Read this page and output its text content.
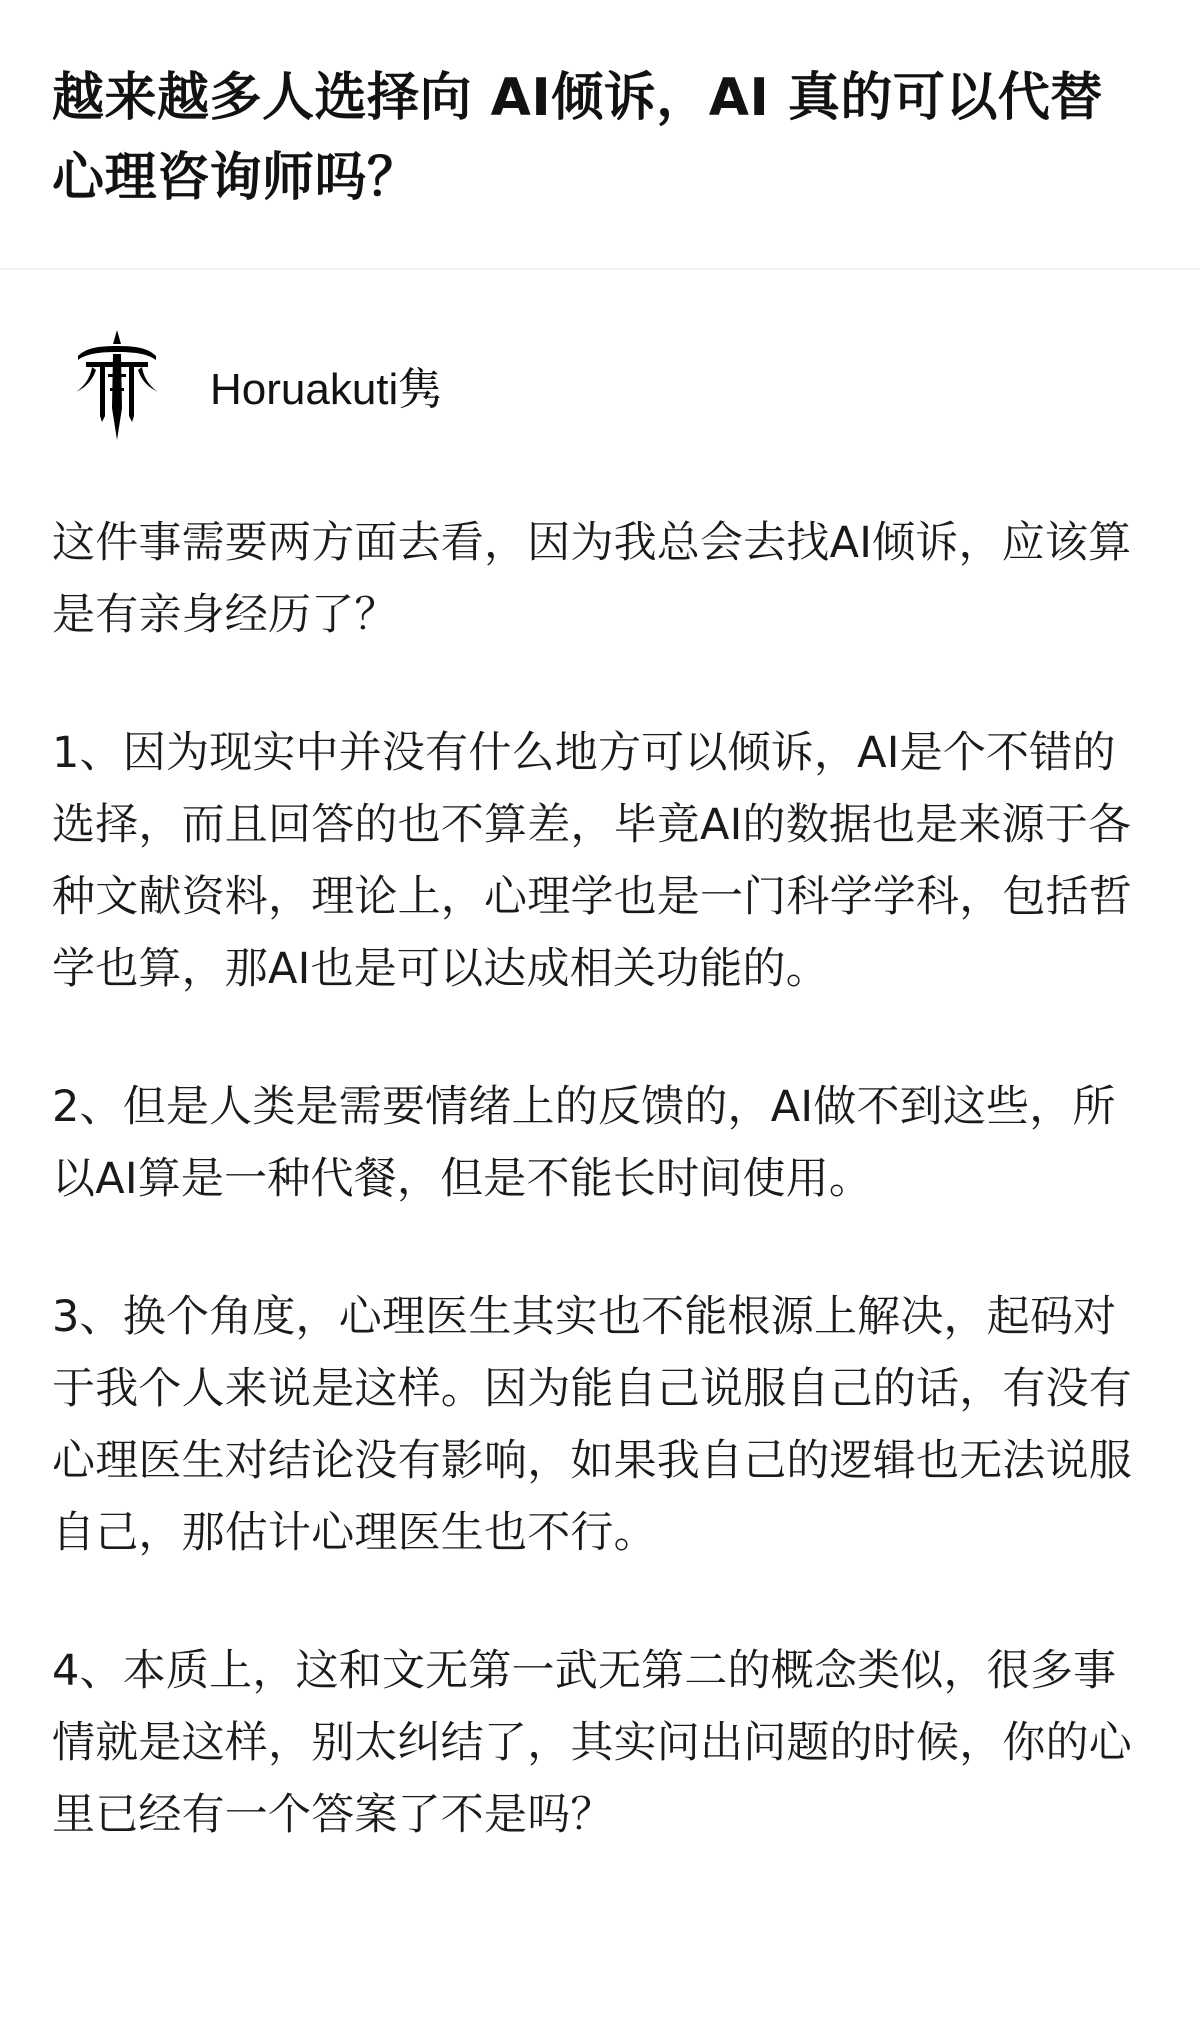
越来越多人选择向 AI倾诉，AI 真的可以代替心理咨询师吗？
Horuakuti隽

这件事需要两方面去看，因为我总会去找AI倾诉，应该算是有亲身经历了？

1、因为现实中并没有什么地方可以倾诉，AI是个不错的选择，而且回答的也不算差，毕竟AI的数据也是来源于各种文献资料，理论上，心理学也是一门科学学科，包括哲学也算，那AI也是可以达成相关功能的。

2、但是人类是需要情绪上的反馈的，AI做不到这些，所以AI算是一种代餐，但是不能长时间使用。

3、换个角度，心理医生其实也不能根源上解决，起码对于我个人来说是这样。因为能自己说服自己的话，有没有心理医生对结论没有影响，如果我自己的逻辑也无法说服自己，那估计心理医生也不行。

4、本质上，这和文无第一武无第二的概念类似，很多事情就是这样，别太纠结了，其实问出问题的时候，你的心里已经有一个答案了不是吗？
